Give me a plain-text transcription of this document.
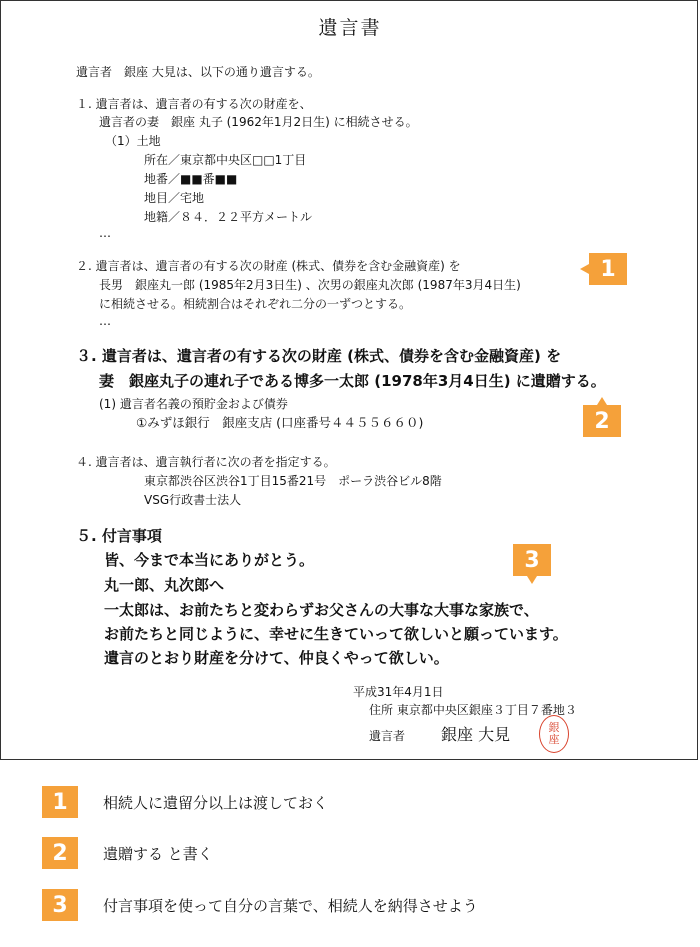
遺言書
遺言者　銀座 大見は、以下の通り遺言する。
１. 遺言者は、遺言者の有する次の財産を、
遺言者の妻　銀座 丸子 (1962年1月2日生) に相続させる。
（1）土地
所在／東京都中央区□□1丁目
地番／■■番■■
地目／宅地
地籍／８４．２２平方メートル
…
２. 遺言者は、遺言者の有する次の財産 (株式、債券を含む金融資産) を
長男　銀座丸一郎 (1985年2月3日生) 、次男の銀座丸次郎 (1987年3月4日生)
に相続させる。相続割合はそれぞれ二分の一ずつとする。
…
1
３. 遺言者は、遺言者の有する次の財産 (株式、債券を含む金融資産) を
妻　銀座丸子の連れ子である博多一太郎 (1978年3月4日生) に遺贈する。
(1) 遺言者名義の預貯金および債券
①みずほ銀行　銀座支店 (口座番号４４５５６６０)	2
４. 遺言者は、遺言執行者に次の者を指定する。
東京都渋谷区渋谷1丁目15番21号　ポーラ渋谷ビル8階
VSG行政書士法人
５. 付言事項
皆、今まで本当にありがとう。
丸一郎、丸次郎へ
一太郎は、お前たちと変わらずお父さんの大事な大事な家族で、
お前たちと同じように、幸せに生きていって欲しいと願っています。
遺言のとおり財産を分けて、仲良くやって欲しい。
3
平成31年4月1日
住所 東京都中央区銀座３丁目７番地３
遺言者 銀座 大見	銀
座
1	相続人に遺留分以上は渡しておく
2	遺贈する と書く
3	付言事項を使って自分の言葉で、相続人を納得させよう
